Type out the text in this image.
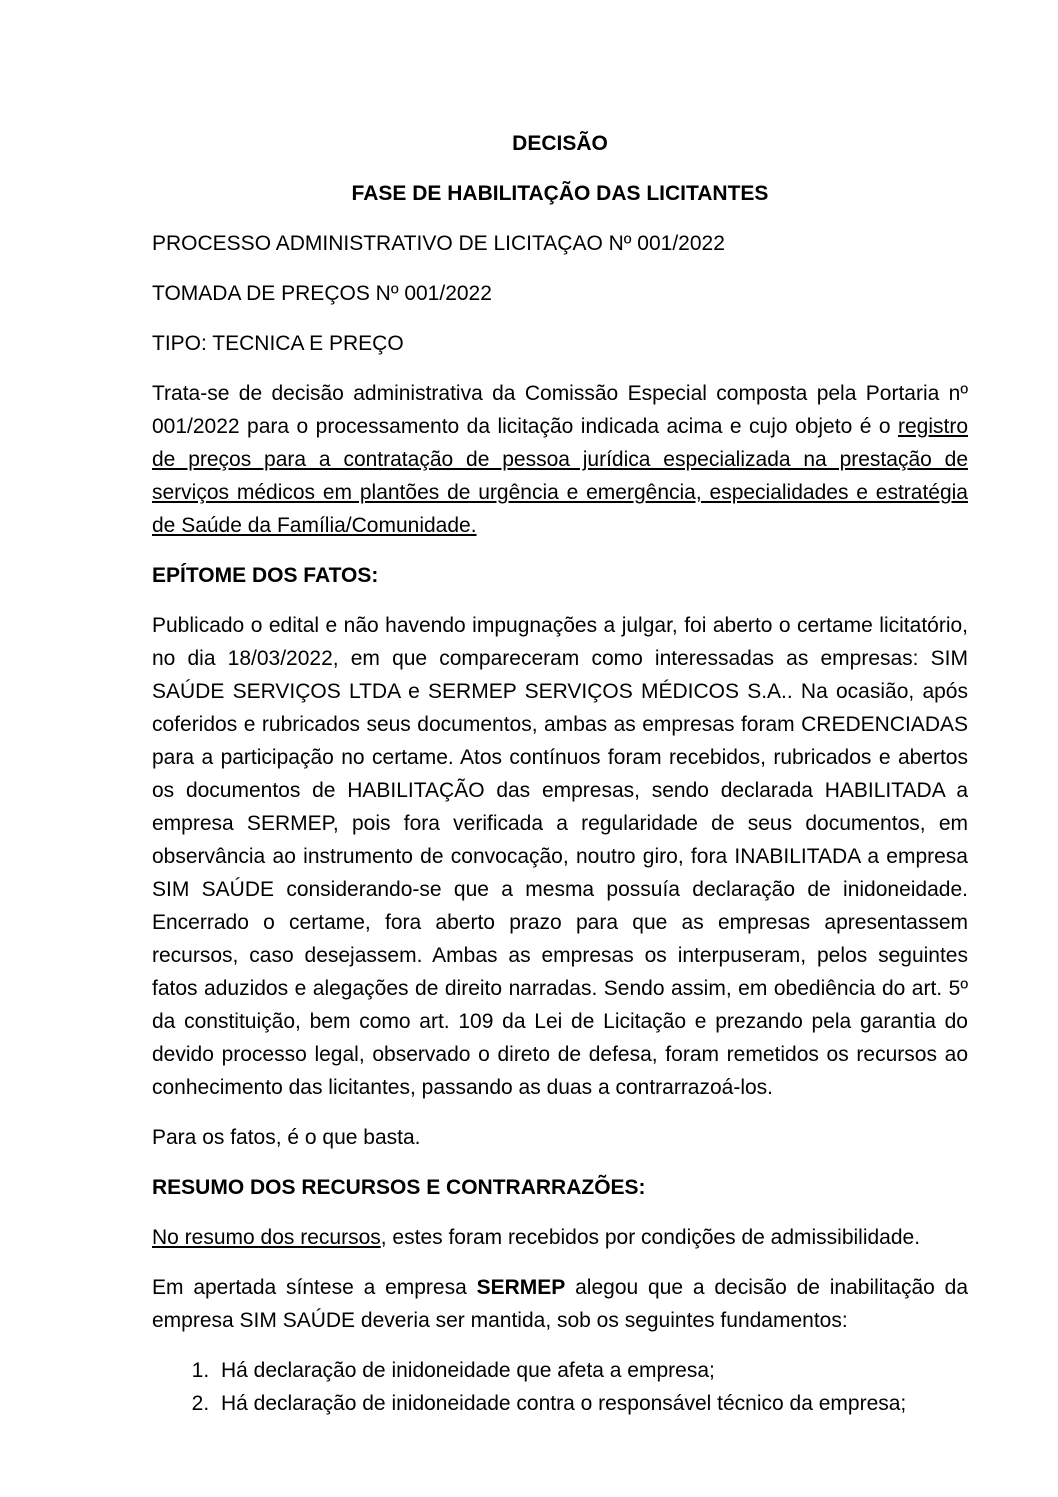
DECISÃO
FASE DE HABILITAÇÃO DAS LICITANTES

PROCESSO ADMINISTRATIVO DE LICITAÇAO Nº 001/2022

TOMADA DE PREÇOS Nº 001/2022

TIPO: TECNICA E PREÇO

Trata-se de decisão administrativa da Comissão Especial composta pela Portaria nº 001/2022 para o processamento da licitação indicada acima e cujo objeto é o registro de preços para a contratação de pessoa jurídica especializada na prestação de serviços médicos em plantões de urgência e emergência, especialidades e estratégia de Saúde da Família/Comunidade.

EPÍTOME DOS FATOS:

Publicado o edital e não havendo impugnações a julgar, foi aberto o certame licitatório, no dia 18/03/2022, em que compareceram como interessadas as empresas: SIM SAÚDE SERVIÇOS LTDA e SERMEP SERVIÇOS MÉDICOS S.A.. Na ocasião, após coferidos e rubricados seus documentos, ambas as empresas foram CREDENCIADAS para a participação no certame. Atos contínuos foram recebidos, rubricados e abertos os documentos de HABILITAÇÃO das empresas, sendo declarada HABILITADA a empresa SERMEP, pois fora verificada a regularidade de seus documentos, em observância ao instrumento de convocação, noutro giro, fora INABILITADA a empresa SIM SAÚDE considerando-se que a mesma possuía declaração de inidoneidade. Encerrado o certame, fora aberto prazo para que as empresas apresentassem recursos, caso desejassem. Ambas as empresas os interpuseram, pelos seguintes fatos aduzidos e alegações de direito narradas. Sendo assim, em obediência do art. 5º da constituição, bem como art. 109 da Lei de Licitação e prezando pela garantia do devido processo legal, observado o direto de defesa, foram remetidos os recursos ao conhecimento das licitantes, passando as duas a contrarrazoá-los.

Para os fatos, é o que basta.

RESUMO DOS RECURSOS E CONTRARRAZÕES:

No resumo dos recursos, estes foram recebidos por condições de admissibilidade.

Em apertada síntese a empresa SERMEP alegou que a decisão de inabilitação da empresa SIM SAÚDE deveria ser mantida, sob os seguintes fundamentos:

1. Há declaração de inidoneidade que afeta a empresa;
2. Há declaração de inidoneidade contra o responsável técnico da empresa;
